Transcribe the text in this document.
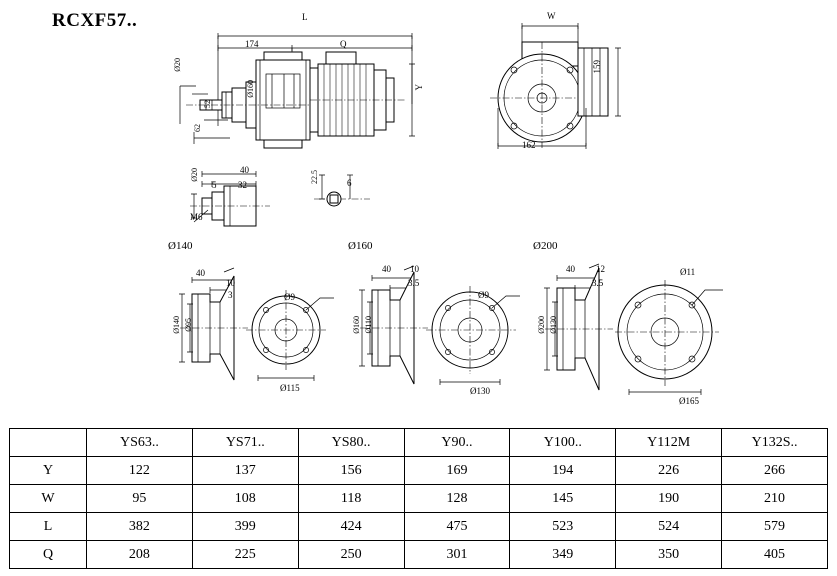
RCXF57..	L
174	Q
Y
Ø20
Ø160
52
62
W
159
162
Ø20	40
5 32
M6
22.5	6
Ø140
40
10
3
Ø140 Ø95
Ø9
Ø115
Ø160
40 10
3.5
Ø160 Ø110
Ø9
Ø130
Ø200
40 12
3.5
Ø200 Ø130
Ø11
Ø165
	YS63..	YS71..	YS80..	Y90..	Y100..	Y112M	Y132S..
Y	122	137	156	169	194	226	266
W	95	108	118	128	145	190	210
L	382	399	424	475	523	524	579
Q	208	225	250	301	349	350	405
